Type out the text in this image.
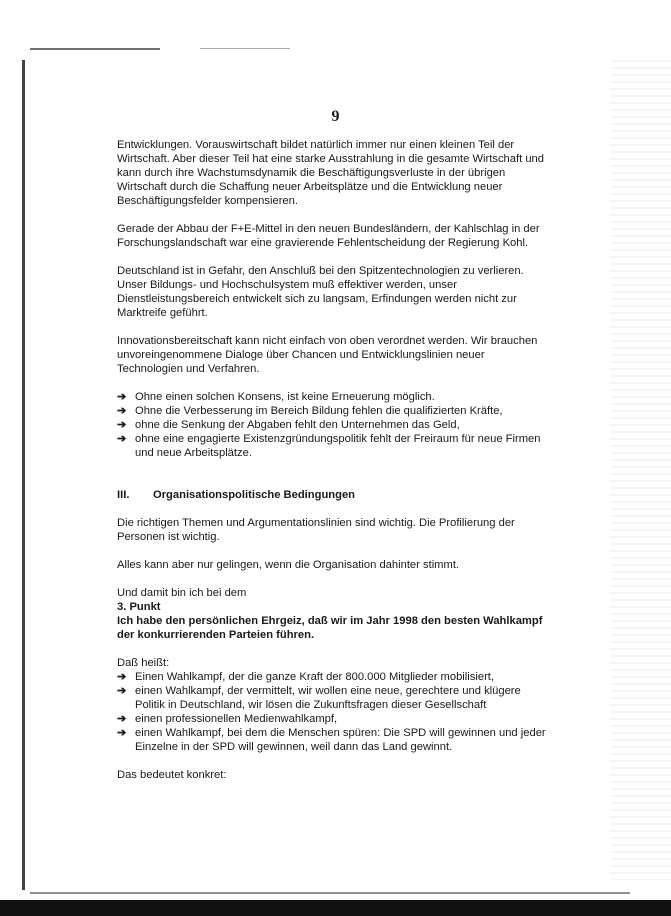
9

Entwicklungen. Vorauswirtschaft bildet natürlich immer nur einen kleinen Teil der Wirtschaft. Aber dieser Teil hat eine starke Ausstrahlung in die gesamte Wirtschaft und kann durch ihre Wachstumsdynamik die Beschäftigungsverluste in der übrigen Wirtschaft durch die Schaffung neuer Arbeitsplätze und die Entwicklung neuer Beschäftigungsfelder kompensieren.

Gerade der Abbau der F+E-Mittel in den neuen Bundesländern, der Kahlschlag in der Forschungslandschaft war eine gravierende Fehlentscheidung der Regierung Kohl.

Deutschland ist in Gefahr, den Anschluß bei den Spitzentechnologien zu verlieren. Unser Bildungs- und Hochschulsystem muß effektiver werden, unser Dienstleistungsbereich entwickelt sich zu langsam, Erfindungen werden nicht zur Marktreife geführt.

Innovationsbereitschaft kann nicht einfach von oben verordnet werden. Wir brauchen unvoreingenommene Dialoge über Chancen und Entwicklungslinien neuer Technologien und Verfahren.

➔ Ohne einen solchen Konsens, ist keine Erneuerung möglich.
➔ Ohne die Verbesserung im Bereich Bildung fehlen die qualifizierten Kräfte,
➔ ohne die Senkung der Abgaben fehlt den Unternehmen das Geld,
➔ ohne eine engagierte Existenzgründungspolitik fehlt der Freiraum für neue Firmen und neue Arbeitsplätze.
III. Organisationspolitische Bedingungen

Die richtigen Themen und Argumentationslinien sind wichtig. Die Profilierung der Personen ist wichtig.

Alles kann aber nur gelingen, wenn die Organisation dahinter stimmt.

Und damit bin ich bei dem

3. Punkt

Ich habe den persönlichen Ehrgeiz, daß wir im Jahr 1998 den besten Wahlkampf der konkurrierenden Parteien führen.

Daß heißt:

➔ Einen Wahlkampf, der die ganze Kraft der 800.000 Mitglieder mobilisiert,
➔ einen Wahlkampf, der vermittelt, wir wollen eine neue, gerechtere und klügere Politik in Deutschland, wir lösen die Zukunftsfragen dieser Gesellschaft
➔ einen professionellen Medienwahlkampf,
➔ einen Wahlkampf, bei dem die Menschen spüren: Die SPD will gewinnen und jeder Einzelne in der SPD will gewinnen, weil dann das Land gewinnt.

Das bedeutet konkret:
